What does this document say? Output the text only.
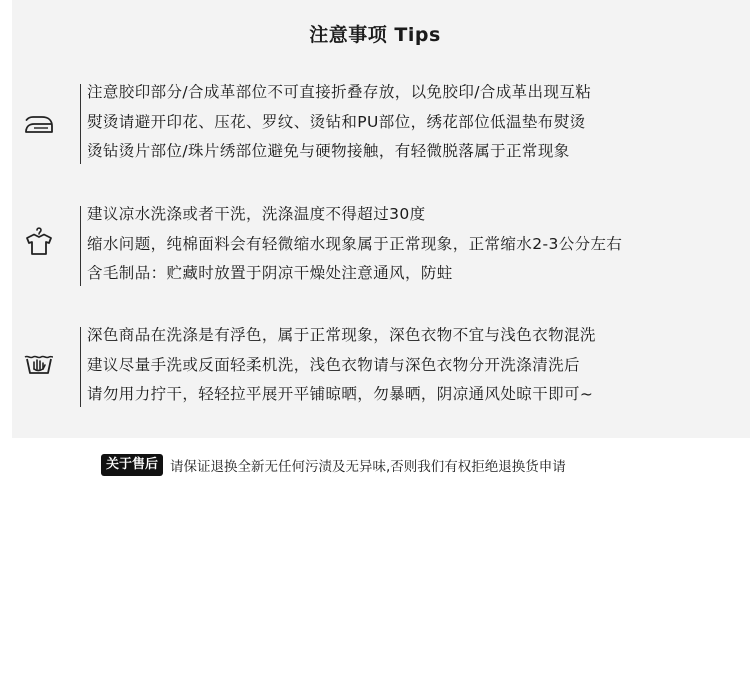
注意事项 Tips
注意胶印部分/合成革部位不可直接折叠存放，以免胶印/合成革出现互粘
熨烫请避开印花、压花、罗纹、烫钻和PU部位，绣花部位低温垫布熨烫
烫钻烫片部位/珠片绣部位避免与硬物接触，有轻微脱落属于正常现象
建议凉水洗涤或者干洗，洗涤温度不得超过30度
缩水问题，纯棉面料会有轻微缩水现象属于正常现象，正常缩水2-3公分左右
含毛制品：贮藏时放置于阴凉干燥处注意通风，防蛀
深色商品在洗涤是有浮色，属于正常现象，深色衣物不宜与浅色衣物混洗
建议尽量手洗或反面轻柔机洗，浅色衣物请与深色衣物分开洗涤清洗后
请勿用力拧干，轻轻拉平展开平铺晾晒，勿暴晒，阴凉通风处晾干即可~
关于售后 请保证退换全新无任何污渍及无异味,否则我们有权拒绝退换货申请
